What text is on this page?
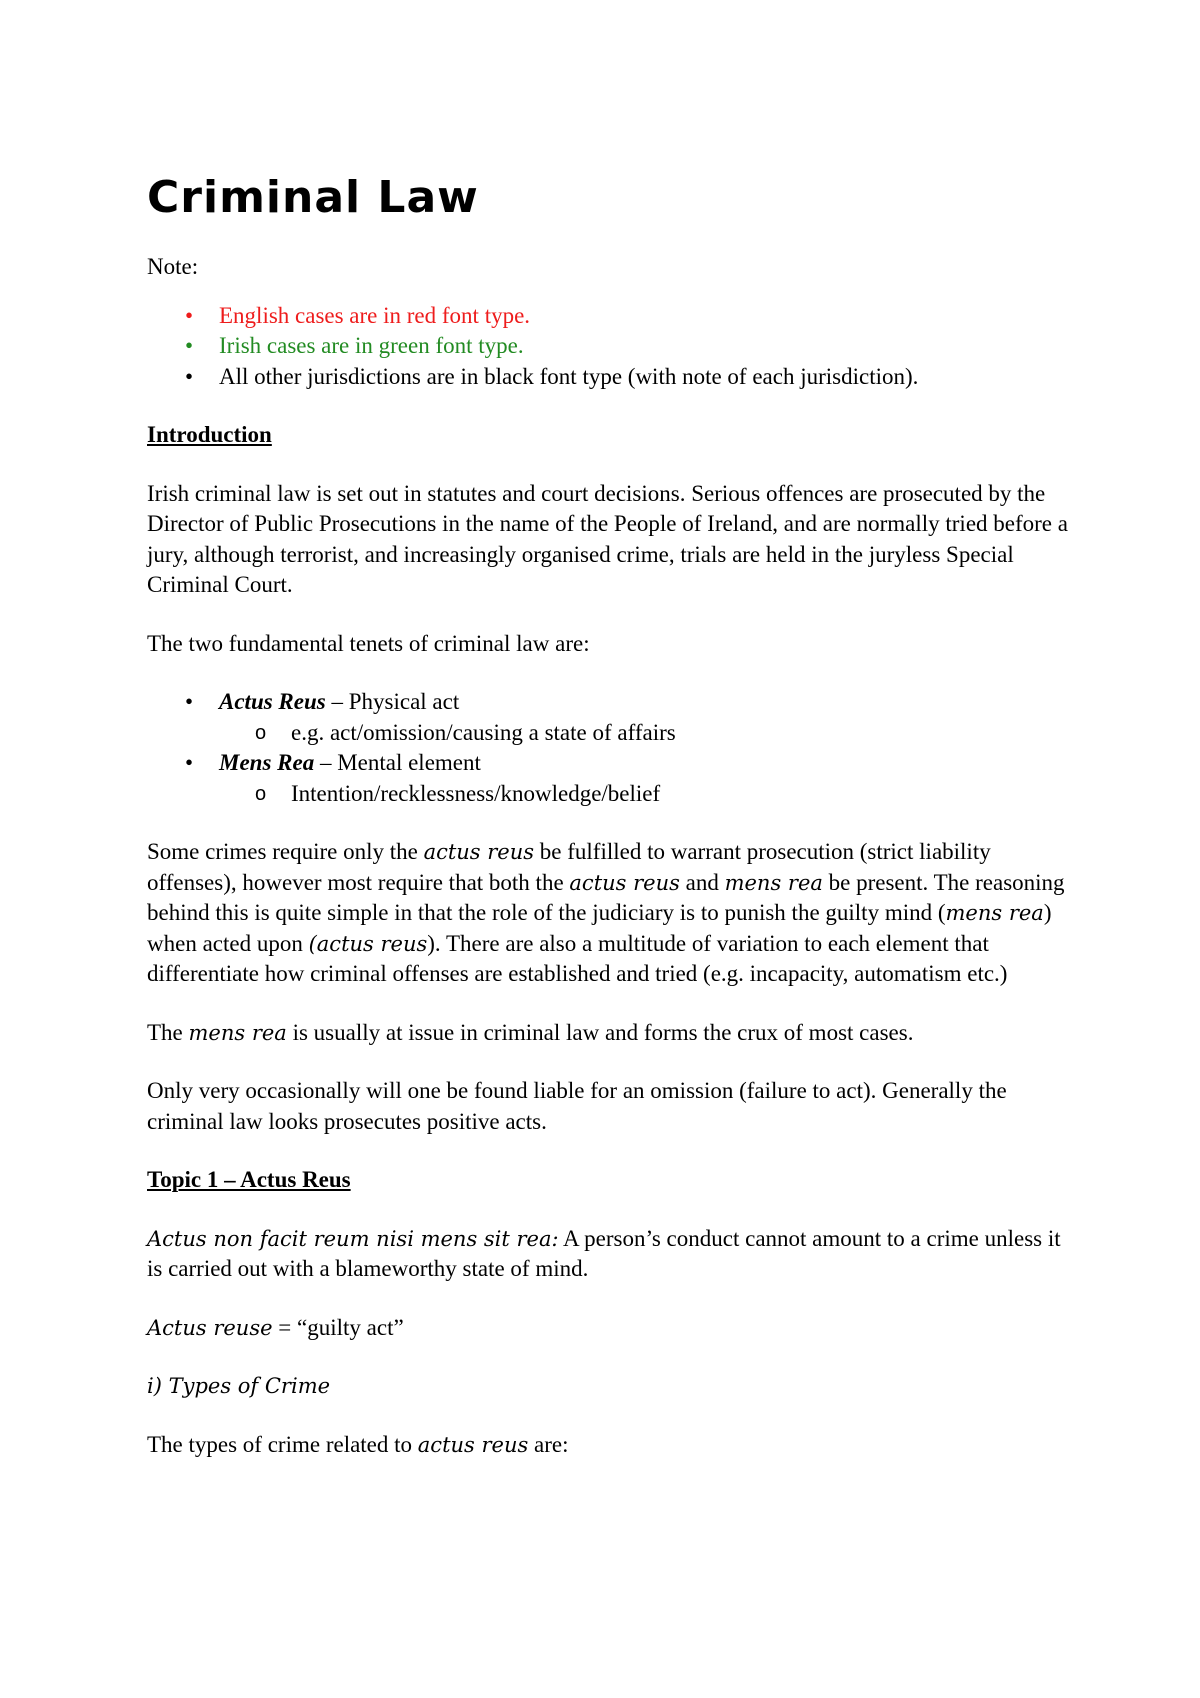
Criminal Law

Note:

• English cases are in red font type.
• Irish cases are in green font type.
• All other jurisdictions are in black font type (with note of each jurisdiction).

Introduction

Irish criminal law is set out in statutes and court decisions. Serious offences are prosecuted by the Director of Public Prosecutions in the name of the People of Ireland, and are normally tried before a jury, although terrorist, and increasingly organised crime, trials are held in the juryless Special Criminal Court.

The two fundamental tenets of criminal law are:

• Actus Reus – Physical act
o e.g. act/omission/causing a state of affairs
• Mens Rea – Mental element
o Intention/recklessness/knowledge/belief

Some crimes require only the actus reus be fulfilled to warrant prosecution (strict liability offenses), however most require that both the actus reus and mens rea be present. The reasoning behind this is quite simple in that the role of the judiciary is to punish the guilty mind (mens rea) when acted upon (actus reus). There are also a multitude of variation to each element that differentiate how criminal offenses are established and tried (e.g. incapacity, automatism etc.)

The mens rea is usually at issue in criminal law and forms the crux of most cases.

Only very occasionally will one be found liable for an omission (failure to act). Generally the criminal law looks prosecutes positive acts.

Topic 1 – Actus Reus

Actus non facit reum nisi mens sit rea: A person’s conduct cannot amount to a crime unless it is carried out with a blameworthy state of mind.

Actus reuse = “guilty act”

i) Types of Crime

The types of crime related to actus reus are:
